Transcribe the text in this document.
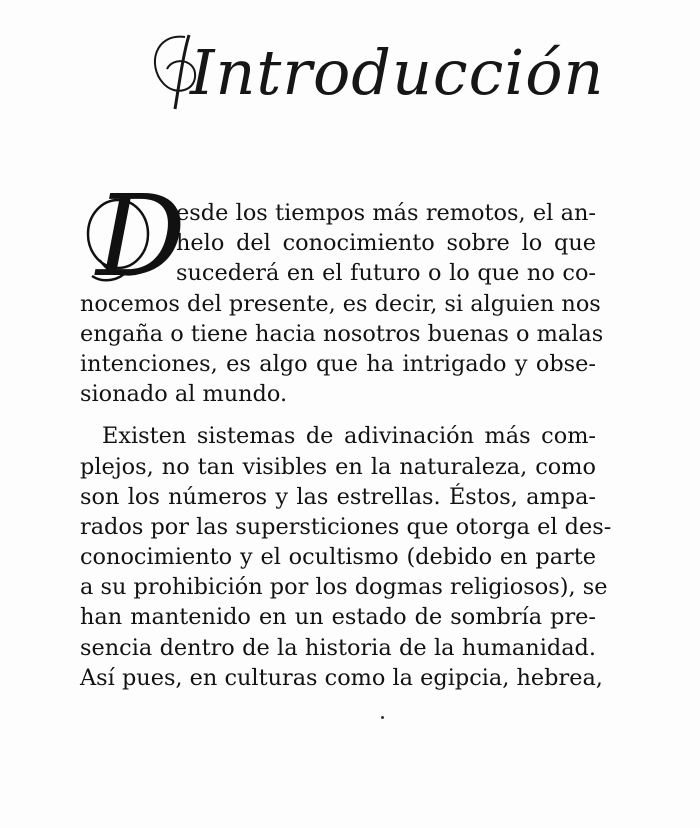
Introducción
D
esde los tiempos más remotos, el an-
helo del conocimiento sobre lo que
sucederá en el futuro o lo que no co-
nocemos del presente, es decir, si alguien nos
engaña o tiene hacia nosotros buenas o malas
intenciones, es algo que ha intrigado y obse-
sionado al mundo.
Existen sistemas de adivinación más com-
plejos, no tan visibles en la naturaleza, como
son los números y las estrellas. Éstos, ampa-
rados por las supersticiones que otorga el des-
conocimiento y el ocultismo (debido en parte
a su prohibición por los dogmas religiosos), se
han mantenido en un estado de sombría pre-
sencia dentro de la historia de la humanidad.
Así pues, en culturas como la egipcia, hebrea,
